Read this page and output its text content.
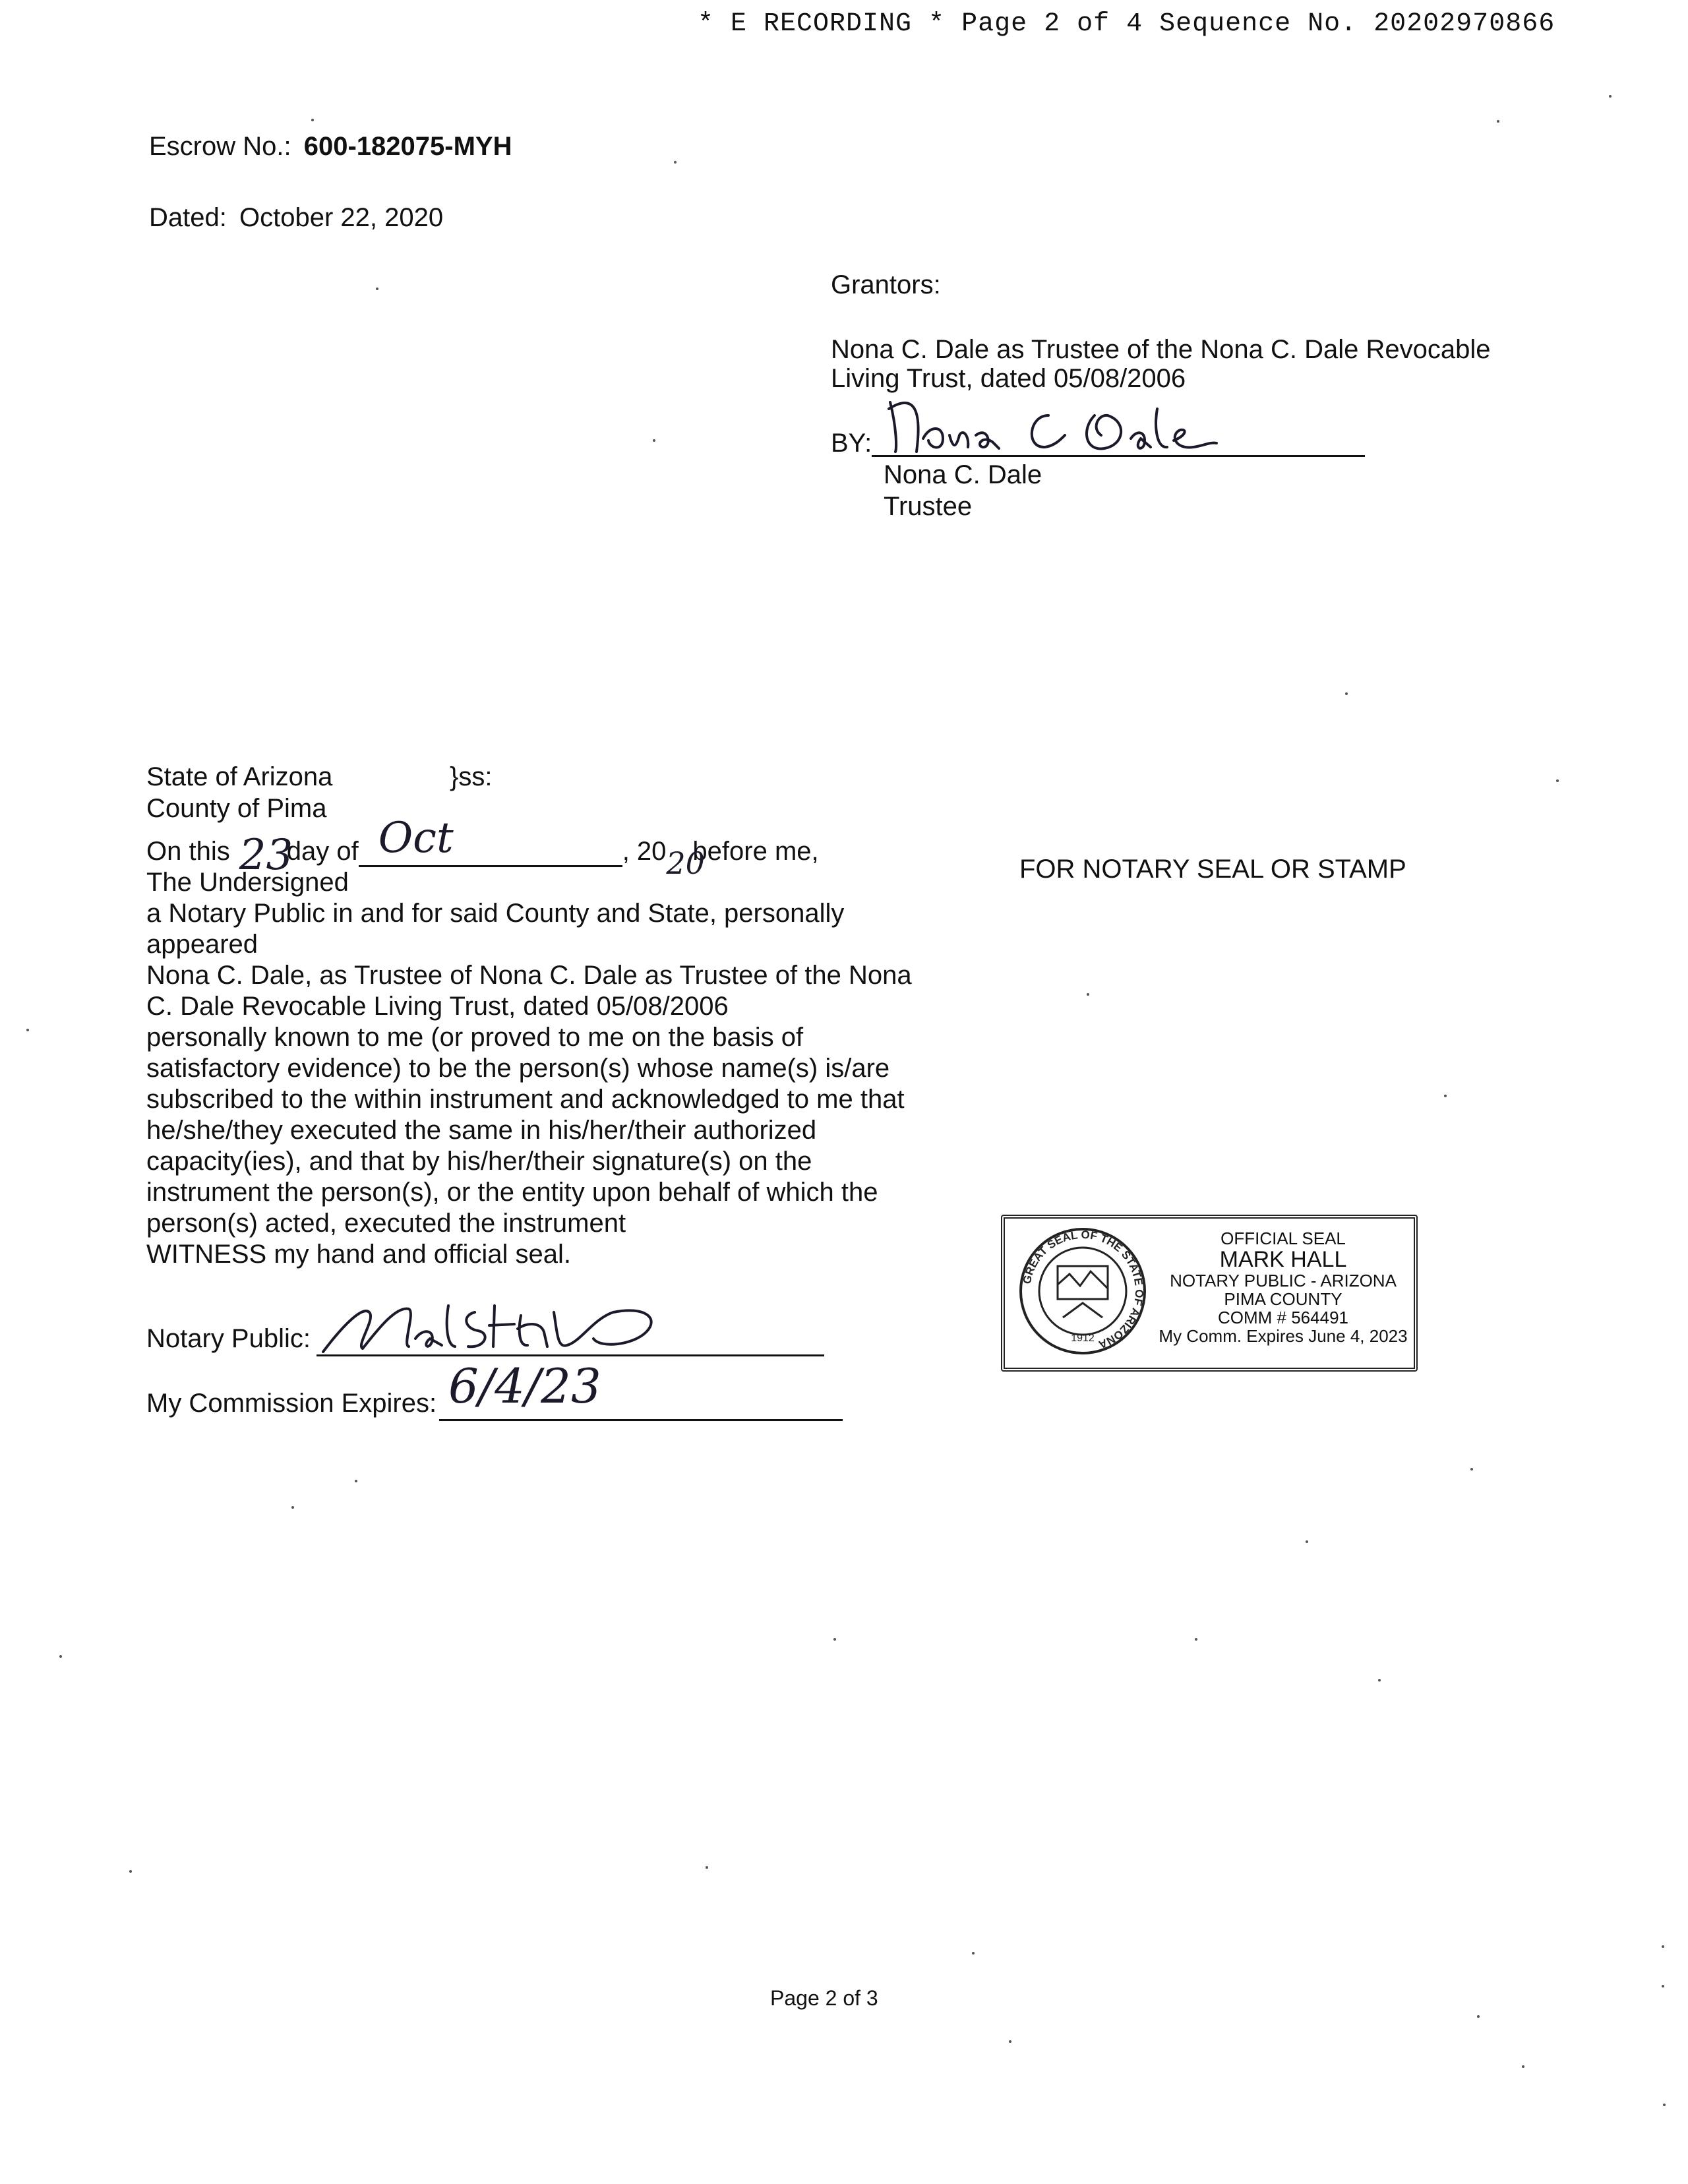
* E RECORDING * Page 2 of 4 Sequence No. 20202970866
Escrow No.: 600-182075-MYH
Dated: October 22, 2020
Grantors:
Nona C. Dale as Trustee of the Nona C. Dale Revocable
Living Trust, dated 05/08/2006
BY:
Nona C. Dale
Trustee
State of Arizona	}ss:
County of Pima
On this 23
day of Oct	, 20 20
before me,
The Undersigned
a Notary Public in and for said County and State, personally
appeared
Nona C. Dale, as Trustee of Nona C. Dale as Trustee of the Nona
C. Dale Revocable Living Trust, dated 05/08/2006
personally known to me (or proved to me on the basis of
satisfactory evidence) to be the person(s) whose name(s) is/are
subscribed to the within instrument and acknowledged to me that
he/she/they executed the same in his/her/their authorized
capacity(ies), and that by his/her/their signature(s) on the
instrument the person(s), or the entity upon behalf of which the
person(s) acted, executed the instrument
WITNESS my hand and official seal.
Notary Public:
My Commission Expires: 6/4/23
FOR NOTARY SEAL OR STAMP
GREAT SEAL OF THE STATE OF ARIZONA
1912
OFFICIAL SEAL
MARK HALL
NOTARY PUBLIC - ARIZONA
PIMA COUNTY
COMM # 564491
My Comm. Expires June 4, 2023
Page 2 of 3
